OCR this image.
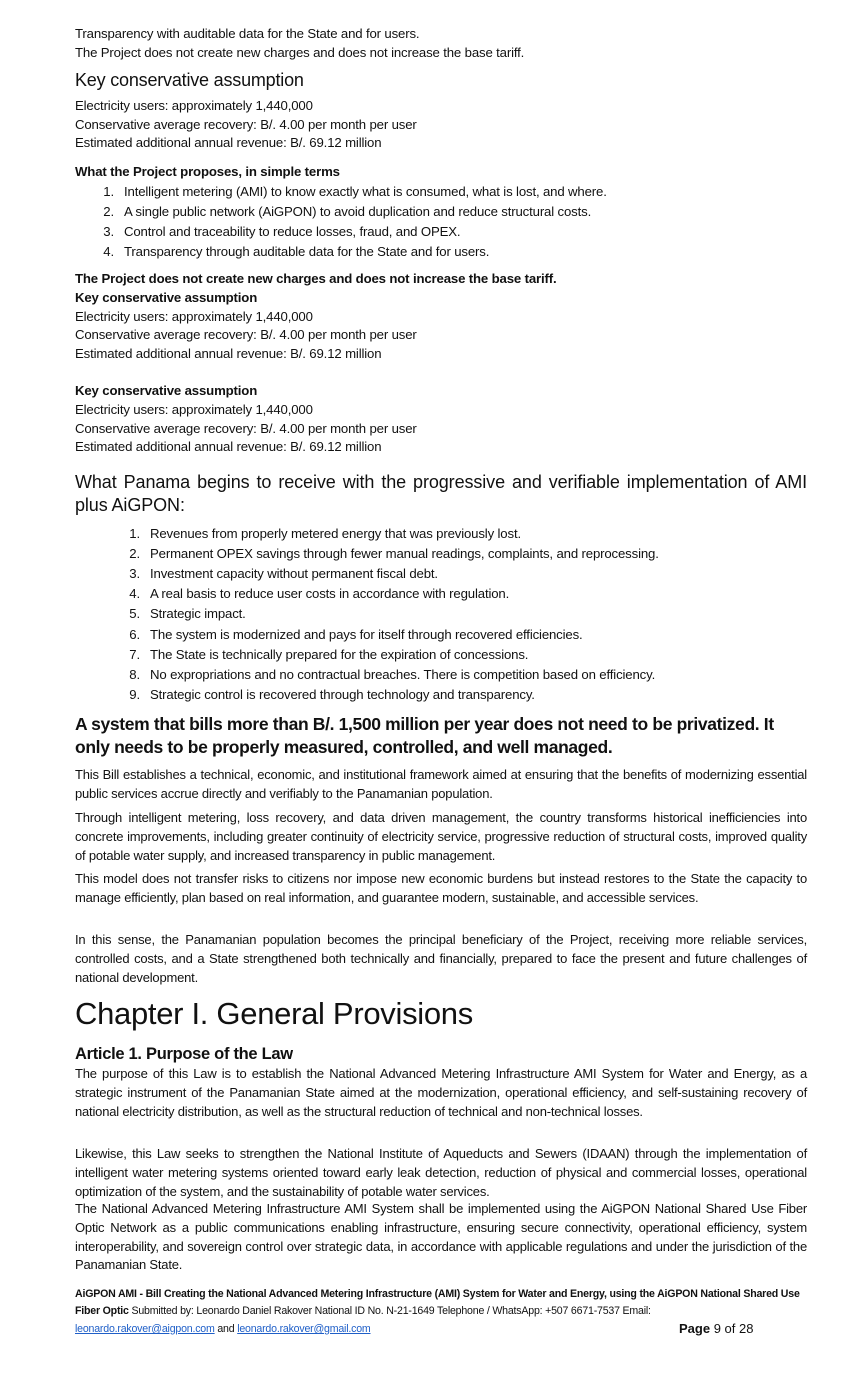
Transparency with auditable data for the State and for users.
The Project does not create new charges and does not increase the base tariff.
Key conservative assumption
Electricity users: approximately 1,440,000
Conservative average recovery: B/. 4.00 per month per user
Estimated additional annual revenue: B/. 69.12 million
What the Project proposes, in simple terms
1. Intelligent metering (AMI) to know exactly what is consumed, what is lost, and where.
2. A single public network (AiGPON) to avoid duplication and reduce structural costs.
3. Control and traceability to reduce losses, fraud, and OPEX.
4. Transparency through auditable data for the State and for users.
The Project does not create new charges and does not increase the base tariff.
Key conservative assumption
Electricity users: approximately 1,440,000
Conservative average recovery: B/. 4.00 per month per user
Estimated additional annual revenue: B/. 69.12 million
Key conservative assumption
Electricity users: approximately 1,440,000
Conservative average recovery: B/. 4.00 per month per user
Estimated additional annual revenue: B/. 69.12 million
What Panama begins to receive with the progressive and verifiable implementation of AMI plus AiGPON:
1. Revenues from properly metered energy that was previously lost.
2. Permanent OPEX savings through fewer manual readings, complaints, and reprocessing.
3. Investment capacity without permanent fiscal debt.
4. A real basis to reduce user costs in accordance with regulation.
5. Strategic impact.
6. The system is modernized and pays for itself through recovered efficiencies.
7. The State is technically prepared for the expiration of concessions.
8. No expropriations and no contractual breaches. There is competition based on efficiency.
9. Strategic control is recovered through technology and transparency.
A system that bills more than B/. 1,500 million per year does not need to be privatized. It only needs to be properly measured, controlled, and well managed.
This Bill establishes a technical, economic, and institutional framework aimed at ensuring that the benefits of modernizing essential public services accrue directly and verifiably to the Panamanian population.
Through intelligent metering, loss recovery, and data driven management, the country transforms historical inefficiencies into concrete improvements, including greater continuity of electricity service, progressive reduction of structural costs, improved quality of potable water supply, and increased transparency in public management.
This model does not transfer risks to citizens nor impose new economic burdens but instead restores to the State the capacity to manage efficiently, plan based on real information, and guarantee modern, sustainable, and accessible services.
In this sense, the Panamanian population becomes the principal beneficiary of the Project, receiving more reliable services, controlled costs, and a State strengthened both technically and financially, prepared to face the present and future challenges of national development.
Chapter I. General Provisions
Article 1. Purpose of the Law
The purpose of this Law is to establish the National Advanced Metering Infrastructure AMI System for Water and Energy, as a strategic instrument of the Panamanian State aimed at the modernization, operational efficiency, and self-sustaining recovery of national electricity distribution, as well as the structural reduction of technical and non-technical losses.
Likewise, this Law seeks to strengthen the National Institute of Aqueducts and Sewers (IDAAN) through the implementation of intelligent water metering systems oriented toward early leak detection, reduction of physical and commercial losses, operational optimization of the system, and the sustainability of potable water services.
The National Advanced Metering Infrastructure AMI System shall be implemented using the AiGPON National Shared Use Fiber Optic Network as a public communications enabling infrastructure, ensuring secure connectivity, operational efficiency, system interoperability, and sovereign control over strategic data, in accordance with applicable regulations and under the jurisdiction of the Panamanian State.
AiGPON AMI - Bill Creating the National Advanced Metering Infrastructure (AMI) System for Water and Energy, using the AiGPON National Shared Use Fiber Optic Submitted by: Leonardo Daniel Rakover National ID No. N-21-1649 Telephone / WhatsApp: +507 6671-7537 Email:
leonardo.rakover@aigpon.com and leonardo.rakover@gmail.com	Page 9 of 28
